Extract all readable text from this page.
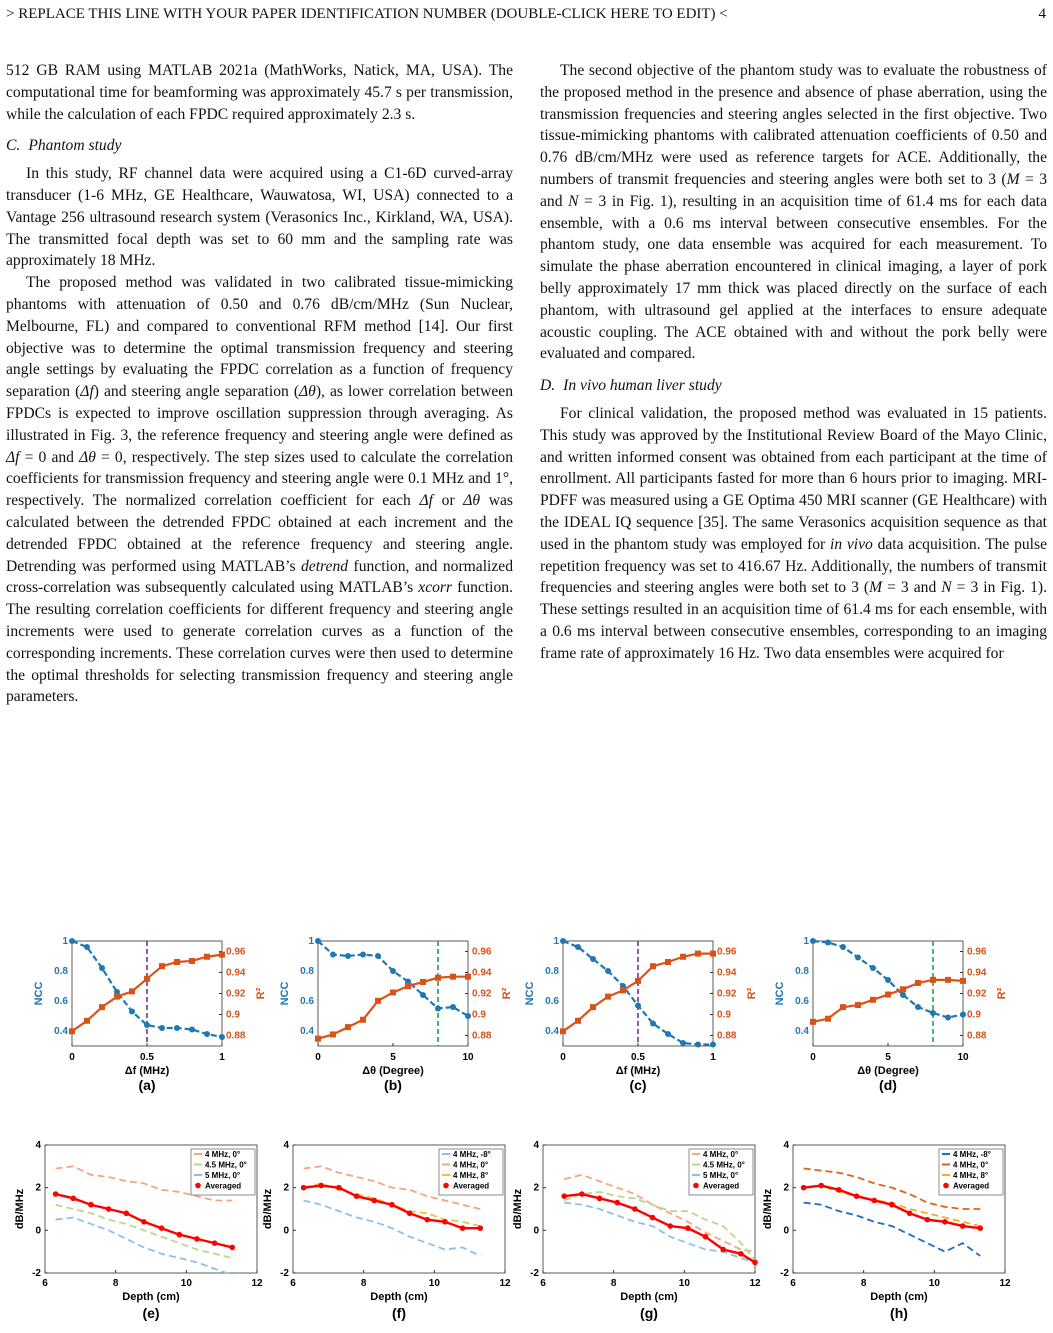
> REPLACE THIS LINE WITH YOUR PAPER IDENTIFICATION NUMBER (DOUBLE-CLICK HERE TO EDIT) <	4

512 GB RAM using MATLAB 2021a (MathWorks, Natick, MA, USA). The computational time for beamforming was approximately 45.7 s per transmission, while the calculation of each FPDC required approximately 2.3 s.

C. Phantom study

In this study, RF channel data were acquired using a C1-6D curved-array transducer (1-6 MHz, GE Healthcare, Wauwatosa, WI, USA) connected to a Vantage 256 ultrasound research system (Verasonics Inc., Kirkland, WA, USA). The transmitted focal depth was set to 60 mm and the sampling rate was approximately 18 MHz.

The proposed method was validated in two calibrated tissue-mimicking phantoms with attenuation of 0.50 and 0.76 dB/cm/MHz (Sun Nuclear, Melbourne, FL) and compared to conventional RFM method [14]. Our first objective was to determine the optimal transmission frequency and steering angle settings by evaluating the FPDC correlation as a function of frequency separation (Δf) and steering angle separation (Δθ), as lower correlation between FPDCs is expected to improve oscillation suppression through averaging. As illustrated in Fig. 3, the reference frequency and steering angle were defined as Δf = 0 and Δθ = 0, respectively. The step sizes used to calculate the correlation coefficients for transmission frequency and steering angle were 0.1 MHz and 1°, respectively. The normalized correlation coefficient for each Δf or Δθ was calculated between the detrended FPDC obtained at each increment and the detrended FPDC obtained at the reference frequency and steering angle. Detrending was performed using MATLAB’s detrend function, and normalized cross-correlation was subsequently calculated using MATLAB’s xcorr function. The resulting correlation coefficients for different frequency and steering angle increments were used to generate correlation curves as a function of the corresponding increments. These correlation curves were then used to determine the optimal thresholds for selecting transmission frequency and steering angle parameters.

The second objective of the phantom study was to evaluate the robustness of the proposed method in the presence and absence of phase aberration, using the transmission frequencies and steering angles selected in the first objective. Two tissue-mimicking phantoms with calibrated attenuation coefficients of 0.50 and 0.76 dB/cm/MHz were used as reference targets for ACE. Additionally, the numbers of transmit frequencies and steering angles were both set to 3 (M = 3 and N = 3 in Fig. 1), resulting in an acquisition time of 61.4 ms for each data ensemble, with a 0.6 ms interval between consecutive ensembles. For the phantom study, one data ensemble was acquired for each measurement. To simulate the phase aberration encountered in clinical imaging, a layer of pork belly approximately 17 mm thick was placed directly on the surface of each phantom, with ultrasound gel applied at the interfaces to ensure adequate acoustic coupling. The ACE obtained with and without the pork belly were evaluated and compared.

D. In vivo human liver study

For clinical validation, the proposed method was evaluated in 15 patients. This study was approved by the Institutional Review Board of the Mayo Clinic, and written informed consent was obtained from each participant at the time of enrollment. All participants fasted for more than 6 hours prior to imaging. MRI-PDFF was measured using a GE Optima 450 MRI scanner (GE Healthcare) with the IDEAL IQ sequence [35]. The same Verasonics acquisition sequence as that used in the phantom study was employed for in vivo data acquisition. The pulse repetition frequency was set to 416.67 Hz. Additionally, the numbers of transmit frequencies and steering angles were both set to 3 (M = 3 and N = 3 in Fig. 1). These settings resulted in an acquisition time of 61.4 ms for each ensemble, with a 0.6 ms interval between consecutive ensembles, corresponding to an imaging frame rate of approximately 16 Hz. Two data ensembles were acquired for

0	0.5	1
0.4
0.6
0.8
1
0.88
0.9
0.92
0.94
0.96
NCC	R²
Δf (MHz)
(a)
0	5	10
0.4
0.6
0.8
1
0.88
0.9
0.92
0.94
0.96
NCC	R²
Δθ (Degree)
(b)
0	0.5	1
0.4
0.6
0.8
1
0.88
0.9
0.92
0.94
0.96
NCC	R²
Δf (MHz)
(c)
0	5	10
0.4
0.6
0.8
1
0.88
0.9
0.92
0.94
0.96
NCC	R²
Δθ (Degree)
(d)
6	8	10	12
-2
0
2
4
dB/MHz
Depth (cm)
4 MHz, 0°
4.5 MHz, 0°
5 MHz, 0°
Averaged
(e)
6	8	10	12
-2
0
2
4
dB/MHz
Depth (cm)
4 MHz, -8°
4 MHz, 0°
4 MHz, 8°
Averaged
(f)
6	8	10	12
-2
0
2
4
dB/MHz
Depth (cm)
4 MHz, 0°
4.5 MHz, 0°
5 MHz, 0°
Averaged
(g)
6	8	10	12
-2
0
2
4
dB/MHz
Depth (cm)
4 MHz, -8°
4 MHz, 0°
4 MHz, 8°
Averaged
(h)
